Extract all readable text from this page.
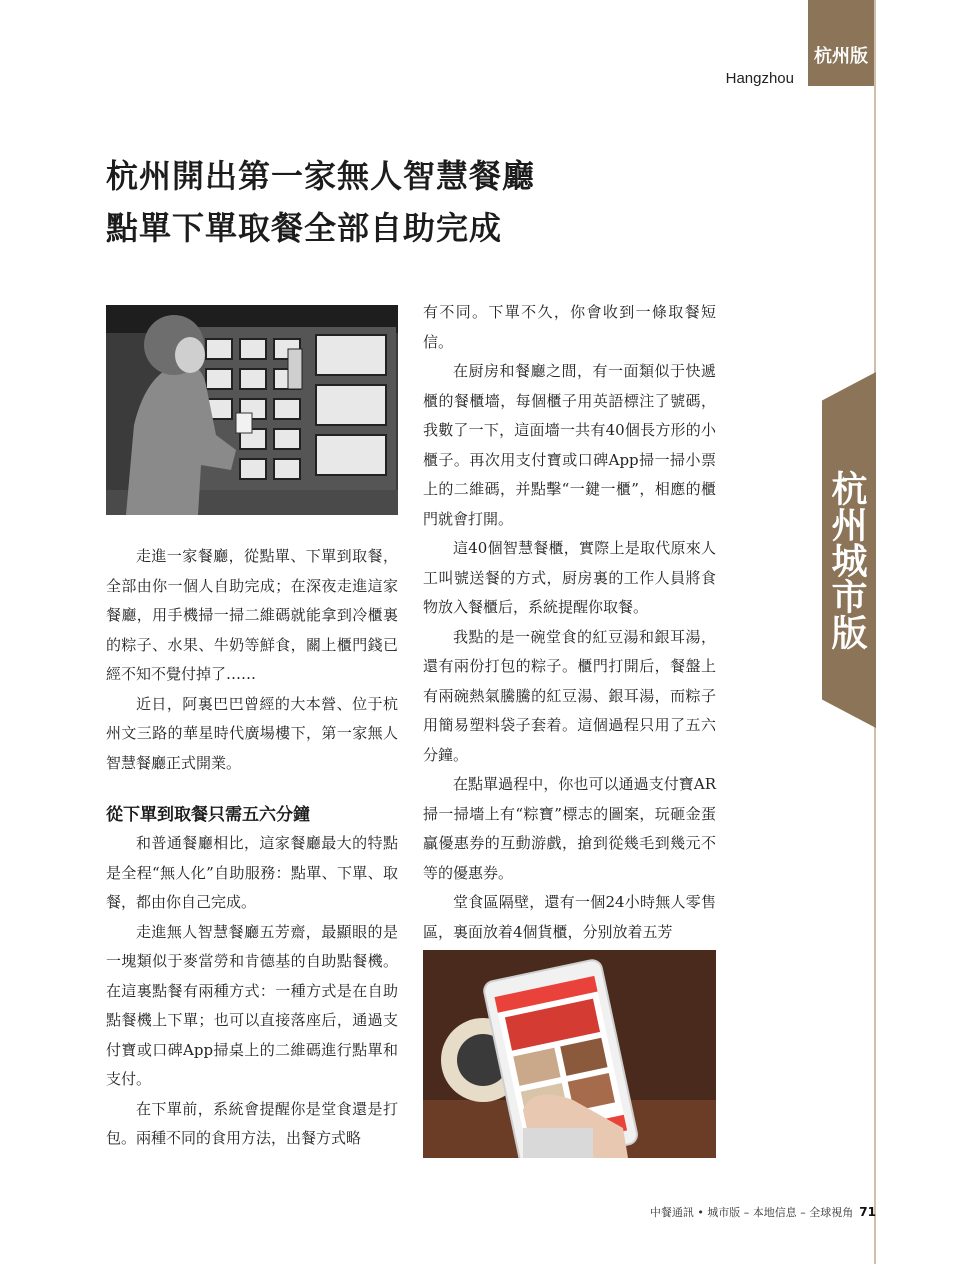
杭州版
Hangzhou
杭州開出第一家無人智慧餐廳
點單下單取餐全部自助完成
杭州城市版

走進一家餐廳，從點單、下單到取餐，全部由你一個人自助完成；在深夜走進這家餐廳，用手機掃一掃二維碼就能拿到冷櫃裏的粽子、水果、牛奶等鮮食，關上櫃門錢已經不知不覺付掉了……

近日，阿裏巴巴曾經的大本營、位于杭州文三路的華星時代廣場樓下，第一家無人智慧餐廳正式開業。

從下單到取餐只需五六分鐘

和普通餐廳相比，這家餐廳最大的特點是全程“無人化”自助服務：點單、下單、取餐，都由你自己完成。

走進無人智慧餐廳五芳齋，最顯眼的是一塊類似于麥當勞和肯德基的自助點餐機。在這裏點餐有兩種方式：一種方式是在自助點餐機上下單；也可以直接落座后，通過支付寶或口碑App掃桌上的二維碼進行點單和支付。

在下單前，系統會提醒你是堂食還是打包。兩種不同的食用方法，出餐方式略

有不同。下單不久，你會收到一條取餐短信。

在厨房和餐廳之間，有一面類似于快遞櫃的餐櫃墻，每個櫃子用英語標注了號碼，我數了一下，這面墻一共有40個長方形的小櫃子。再次用支付寶或口碑App掃一掃小票上的二維碼，并點擊“一鍵一櫃”，相應的櫃門就會打開。

這40個智慧餐櫃，實際上是取代原來人工叫號送餐的方式，厨房裏的工作人員將食物放入餐櫃后，系統提醒你取餐。

我點的是一碗堂食的紅豆湯和銀耳湯，還有兩份打包的粽子。櫃門打開后，餐盤上有兩碗熱氣騰騰的紅豆湯、銀耳湯，而粽子用簡易塑料袋子套着。這個過程只用了五六分鐘。

在點單過程中，你也可以通過支付寶AR掃一掃墻上有“粽寶”標志的圖案，玩砸金蛋贏優惠券的互動游戲，搶到從幾毛到幾元不等的優惠券。

堂食區隔壁，還有一個24小時無人零售區，裏面放着4個貨櫃，分别放着五芳

中餐通訊 • 城市版 – 本地信息 – 全球視角 71
